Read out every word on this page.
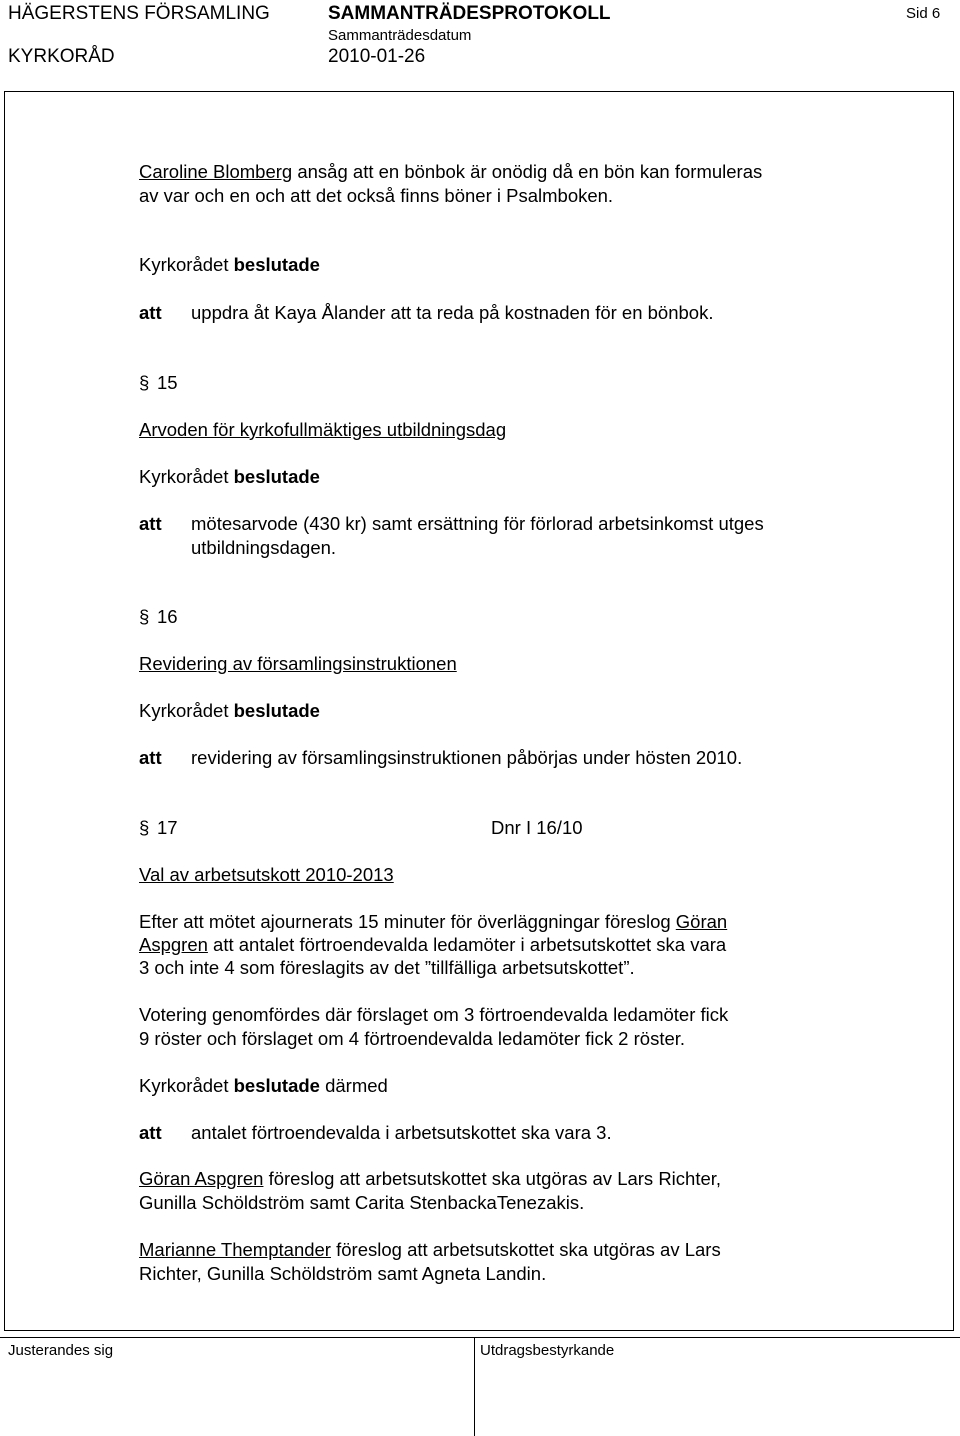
HÄGERSTENS FÖRSAMLING	SAMMANTRÄDESPROTOKOLL	Sid 6
KYRKORÅD
Sammanträdesdatum
2010-01-26
Caroline Blomberg ansåg att en bönbok är onödig då en bön kan formuleras
av var och en och att det också finns böner i Psalmboken.
Kyrkorådet beslutade
att uppdra åt Kaya Ålander att ta reda på kostnaden för en bönbok.
§ 15
Arvoden för kyrkofullmäktiges utbildningsdag
Kyrkorådet beslutade
att mötesarvode (430 kr) samt ersättning för förlorad arbetsinkomst utges
utbildningsdagen.
§ 16
Revidering av församlingsinstruktionen
Kyrkorådet beslutade
att revidering av församlingsinstruktionen påbörjas under hösten 2010.
§ 17	Dnr I 16/10
Val av arbetsutskott 2010-2013
Efter att mötet ajournerats 15 minuter för överläggningar föreslog Göran
Aspgren att antalet förtroendevalda ledamöter i arbetsutskottet ska vara
3 och inte 4 som föreslagits av det ”tillfälliga arbetsutskottet”.
Votering genomfördes där förslaget om 3 förtroendevalda ledamöter fick
9 röster och förslaget om 4 förtroendevalda ledamöter fick 2 röster.
Kyrkorådet beslutade därmed
att antalet förtroendevalda i arbetsutskottet ska vara 3.
Göran Aspgren föreslog att arbetsutskottet ska utgöras av Lars Richter,
Gunilla Schöldström samt Carita StenbackaTenezakis.
Marianne Themptander föreslog att arbetsutskottet ska utgöras av Lars
Richter, Gunilla Schöldström samt Agneta Landin.
Justerandes sig	Utdragsbestyrkande
